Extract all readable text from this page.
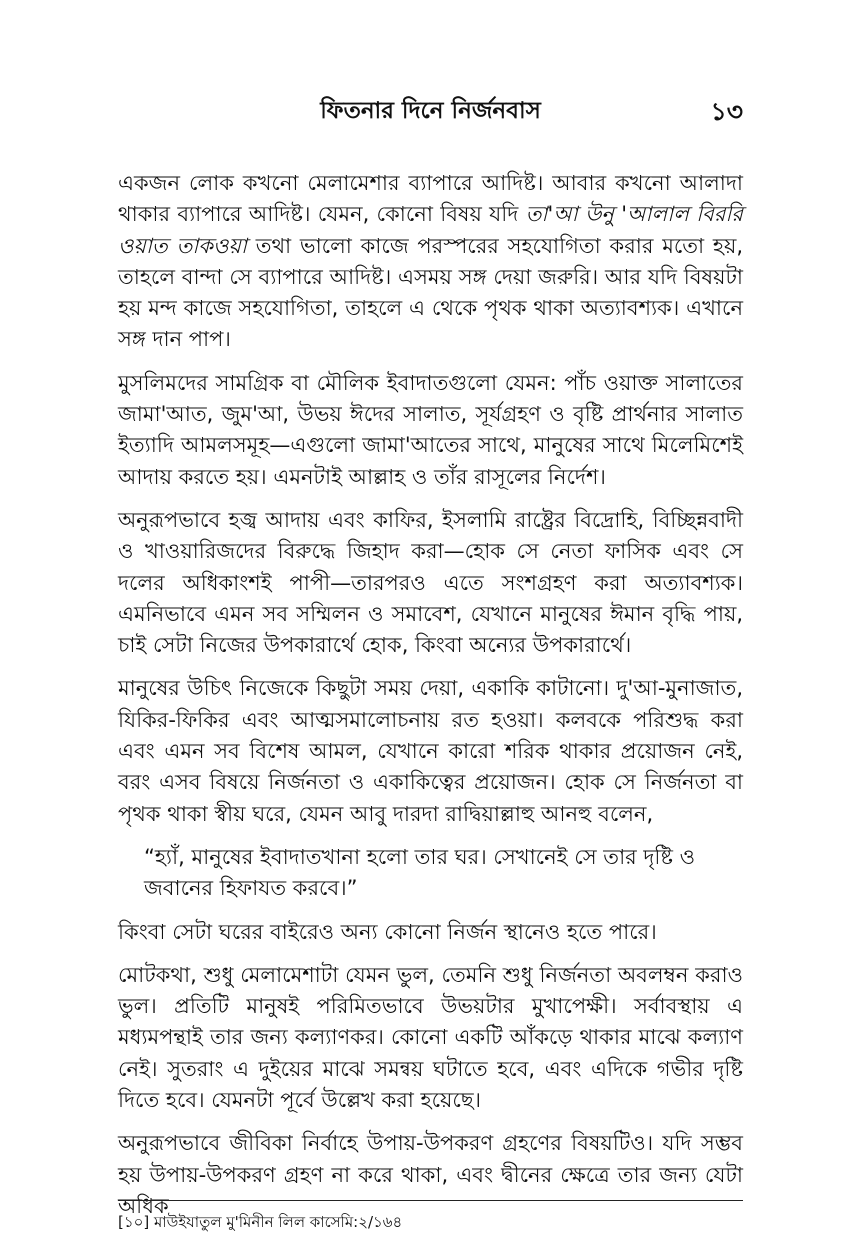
ফিতনার দিনে নির্জনবাস	১৩

একজন লোক কখনো মেলামেশার ব্যাপারে আদিষ্ট। আবার কখনো আলাদা থাকার ব্যাপারে আদিষ্ট। যেমন, কোনো বিষয় যদি তা'আ উনু 'আলাল বিররি ওয়াত তাকওয়া তথা ভালো কাজে পরস্পরের সহযোগিতা করার মতো হয়, তাহলে বান্দা সে ব্যাপারে আদিষ্ট। এসময় সঙ্গ দেয়া জরুরি। আর যদি বিষয়টা হয় মন্দ কাজে সহযোগিতা, তাহলে এ থেকে পৃথক থাকা অত্যাবশ্যক। এখানে সঙ্গ দান পাপ।

মুসলিমদের সামগ্রিক বা মৌলিক ইবাদাতগুলো যেমন: পাঁচ ওয়াক্ত সালাতের জামা'আত, জুম'আ, উভয় ঈদের সালাত, সূর্যগ্রহণ ও বৃষ্টি প্রার্থনার সালাত ইত্যাদি আমলসমূহ—এগুলো জামা'আতের সাথে, মানুষের সাথে মিলেমিশেই আদায় করতে হয়। এমনটাই আল্লাহ ও তাঁর রাসূলের নির্দেশ।

অনুরূপভাবে হজ্ব আদায় এবং কাফির, ইসলামি রাষ্ট্রের বিদ্রোহি, বিচ্ছিন্নবাদী ও খাওয়ারিজদের বিরুদ্ধে জিহাদ করা—হোক সে নেতা ফাসিক এবং সে দলের অধিকাংশই পাপী—তারপরও এতে সংশগ্রহণ করা অত্যাবশ্যক। এমনিভাবে এমন সব সম্মিলন ও সমাবেশ, যেখানে মানুষের ঈমান বৃদ্ধি পায়, চাই সেটা নিজের উপকারার্থে হোক, কিংবা অন্যের উপকারার্থে।

মানুষের উচিৎ নিজেকে কিছুটা সময় দেয়া, একাকি কাটানো। দু'আ-মুনাজাত, যিকির-ফিকির এবং আত্মসমালোচনায় রত হওয়া। কলবকে পরিশুদ্ধ করা এবং এমন সব বিশেষ আমল, যেখানে কারো শরিক থাকার প্রয়োজন নেই, বরং এসব বিষয়ে নির্জনতা ও একাকিত্বের প্রয়োজন। হোক সে নির্জনতা বা পৃথক থাকা স্বীয় ঘরে, যেমন আবু দারদা রাদ্বিয়াল্লাহু আনহু বলেন,

“হ্যাঁ, মানুষের ইবাদাতখানা হলো তার ঘর। সেখানেই সে তার দৃষ্টি ও জবানের হিফাযত করবে।”

কিংবা সেটা ঘরের বাইরেও অন্য কোনো নির্জন স্থানেও হতে পারে।

মোটকথা, শুধু মেলামেশাটা যেমন ভুল, তেমনি শুধু নির্জনতা অবলম্বন করাও ভুল। প্রতিটি মানুষই পরিমিতভাবে উভয়টার মুখাপেক্ষী। সর্বাবস্থায় এ মধ্যমপন্থাই তার জন্য কল্যাণকর। কোনো একটি আঁকড়ে থাকার মাঝে কল্যাণ নেই। সুতরাং এ দুইয়ের মাঝে সমন্বয় ঘটাতে হবে, এবং এদিকে গভীর দৃষ্টি দিতে হবে। যেমনটা পূর্বে উল্লেখ করা হয়েছে।

অনুরূপভাবে জীবিকা নির্বাহে উপায়-উপকরণ গ্রহণের বিষয়টিও। যদি সম্ভব হয় উপায়-উপকরণ গ্রহণ না করে থাকা, এবং দ্বীনের ক্ষেত্রে তার জন্য যেটা অধিক

[১০] মাউইযাতুল মু'মিনীন লিল কাসেমি:২/১৬৪
